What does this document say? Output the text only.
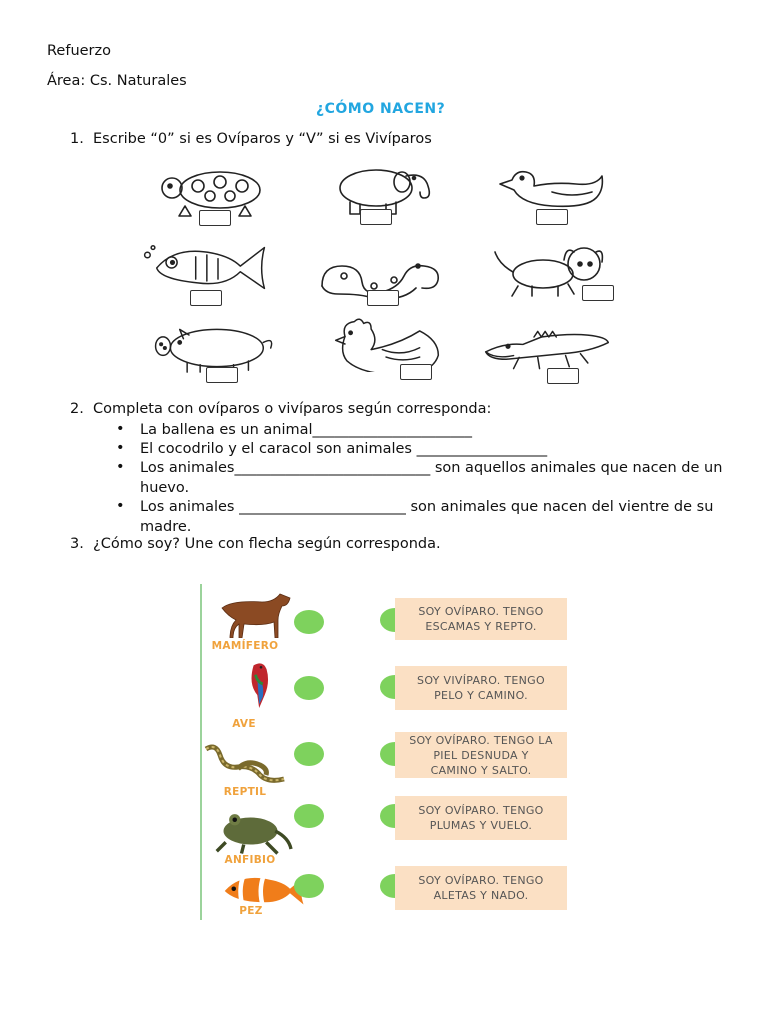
Refuerzo
Área: Cs. Naturales
¿CÓMO NACEN?
1. Escribe “0” si es Ovíparos y “V” si es Vivíparos
2. Completa con ovíparos o vivíparos según corresponda:
• La ballena es un animal______________________
• El cocodrilo y el caracol son animales __________________
• Los animales___________________________ son aquellos animales que nacen de un huevo.
• Los animales _______________________ son animales que nacen del vientre de su madre.
3. ¿Cómo soy? Une con flecha según corresponda.
MAMÍFERO
SOY OVÍPARO. TENGO ESCAMAS Y REPTO.
AVE
SOY VIVÍPARO. TENGO PELO Y CAMINO.
REPTIL
SOY OVÍPARO. TENGO LA PIEL DESNUDA Y CAMINO Y SALTO.
ANFIBIO
SOY OVÍPARO. TENGO PLUMAS Y VUELO.
PEZ
SOY OVÍPARO. TENGO ALETAS Y NADO.
